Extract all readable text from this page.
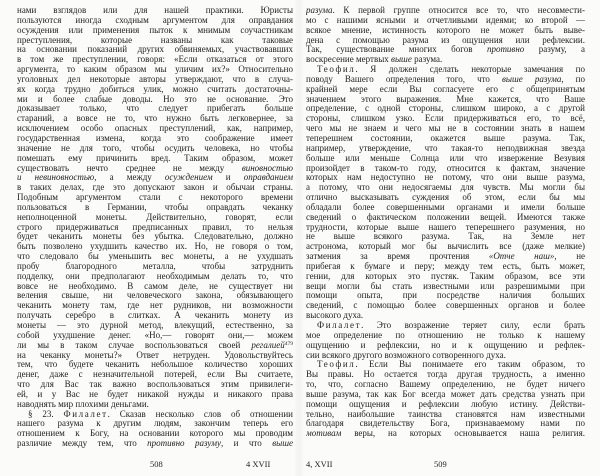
нами взглядов или для нашей практики. Юристы
пользуются иногда сходным аргументом для оправдания
осуждения или применения пыток к мнимым соучастникам
преступления, которые названы как таковые
на основании показаний других обвиняемых, участвовавших
в том же преступлении, говоря: «Если отказаться от этого
аргумента, то каким образом мы уличим их?» Относительно
уголовных дел некоторые авторы утверждают, что в случа-
ях когда трудно добиться улик, можно считать достаточны-
ми и более слабые доводы. Но это не основание. Это
доказывает только, что следует прибегать больше
стараний, а вовсе не то, что нужно быть легковернее, за
исключением особо опасных преступлений, как, например,
государственная измена, когда это соображение имеет
значение не для того, чтобы осудить человека, но чтобы
помешать ему причинить вред. Таким образом, может
существовать нечто среднее не между виновностью
и невиновностью, а между осуждением и оправданием
в таких делах, где это допускают закон и обычаи страны.
Подобным аргументом стали с некоторого времени
пользоваться в Германии, чтобы оправдать чеканку
неполноценной монеты. Действительно, говорят, если
строго придерживаться предписанных правил, то нельзя
будет чеканить монеты без убытка. Следовательно, должно
быть позволено ухудшить качество их. Но, не говоря о том,
что следовало бы уменьшить вес монеты, а не ухудшать
пробу благородного металла, чтобы затруднить
подделку, они предполагают необходимым делать то, что
вовсе не необходимо. В самом деле, не существует ни
веления свыше, ни человеческого закона, обязывающего
чеканить монету там, где нет рудников, ни возможности
получать серебро в слитках. А чеканить монету из
монеты — это дурной метод, влекущий, естественно, за
собой ухудшение денег. «Но,— говорят они,— можем
ли мы в таком случае воспользоваться своей регалией$^{479}$
на чеканку монеты?» Ответ нетруден. Удовольствуйтесь
тем, что будете чеканить небольшое количество хороших
денег, даже с незначительной потерей, если Вы считаете,
что для Вас так важно воспользоваться этим привилеги-
ей, и у Вас не будет никакой нужды и никакого права
наводнять мир плохими деньгами.
§ 23. Филалет. Сказав несколько слов об отношении
нашего разума к другим людям, закончим теперь его
отношением к Богу, на основании которого мы проводим
различие между тем, что противно разуму, и что выше
разума. К первой группе относится все то, что несовмести-
мо с нашими ясными и отчетливыми идеями; ко второй —
всякое мнение, истинность которого не может быть выве-
дена с помощью разума из ощущения или рефлексии.
Так, существование многих богов противно разуму, а
воскресение мертвых выше разума.
Теофил. Я должен сделать некоторые замечания по
поводу Вашего определения того, что выше разума, по
крайней мере если Вы согласуете его с общепринятым
значением этого выражения. Мне кажется, что Ваше
определение, с одной стороны, слишком широко, а с другой
стороны, слишком узко. Если придерживаться его, то всё,
чего мы не знаем и чего мы не в состоянии знать в нашем
теперешнем состоянии, окажется выше разума. Так,
например, утверждение, что такая-то неподвижная звезда
больше или меньше Солнца или что извержение Везувия
произойдет в таком-то году, относится к фактам, значение
которых нам недоступно не потому, что они выше разума,
а потому, что они недосягаемы для чувств. Мы могли бы
отлично высказывать суждения об этом, если бы мы
обладали более совершенными органами и имели больше
сведений о фактическом положении вещей. Имеются также
трудности, которые выше нашего теперешнего разумения, но
не выше всякого разума. Так, на Земле нет
астронома, который мог бы вычислить все (даже мелкие)
затмения за время прочтения «Отче наш», не
прибегая к бумаге и перу; между тем есть, быть может,
гении, для которых это пустяк. Таким образом, все эти
вещи могли бы стать известными или разрешимыми при
помощи опыта, при посредстве наличия больших
сведений, с помощью более совершенных органов и более
высокого духа.
Филалет. Это возражение теряет силу, если брать
мое определение по отношению не только к нашему
ощущению и рефлексии, но и к ощущению и рефлек-
сии всякого другого возможного сотворенного духа.
Теофил. Если Вы понимаете его таким образом, то
Вы правы. Но остается тогда другая трудность, а именно
то, что, согласно Вашему определению, не будет ничего
выше разума, так как Бог всегда может дать средства узнать при
помощи ощущения и рефлексии любую истину. Действи-
тельно, наибольшие таинства становятся нам известными
благодаря свидетельству Бога, признаваемому нами по
мотивам веры, на которых основывается наша религия.
508	4 XVII	4, XVII	509
